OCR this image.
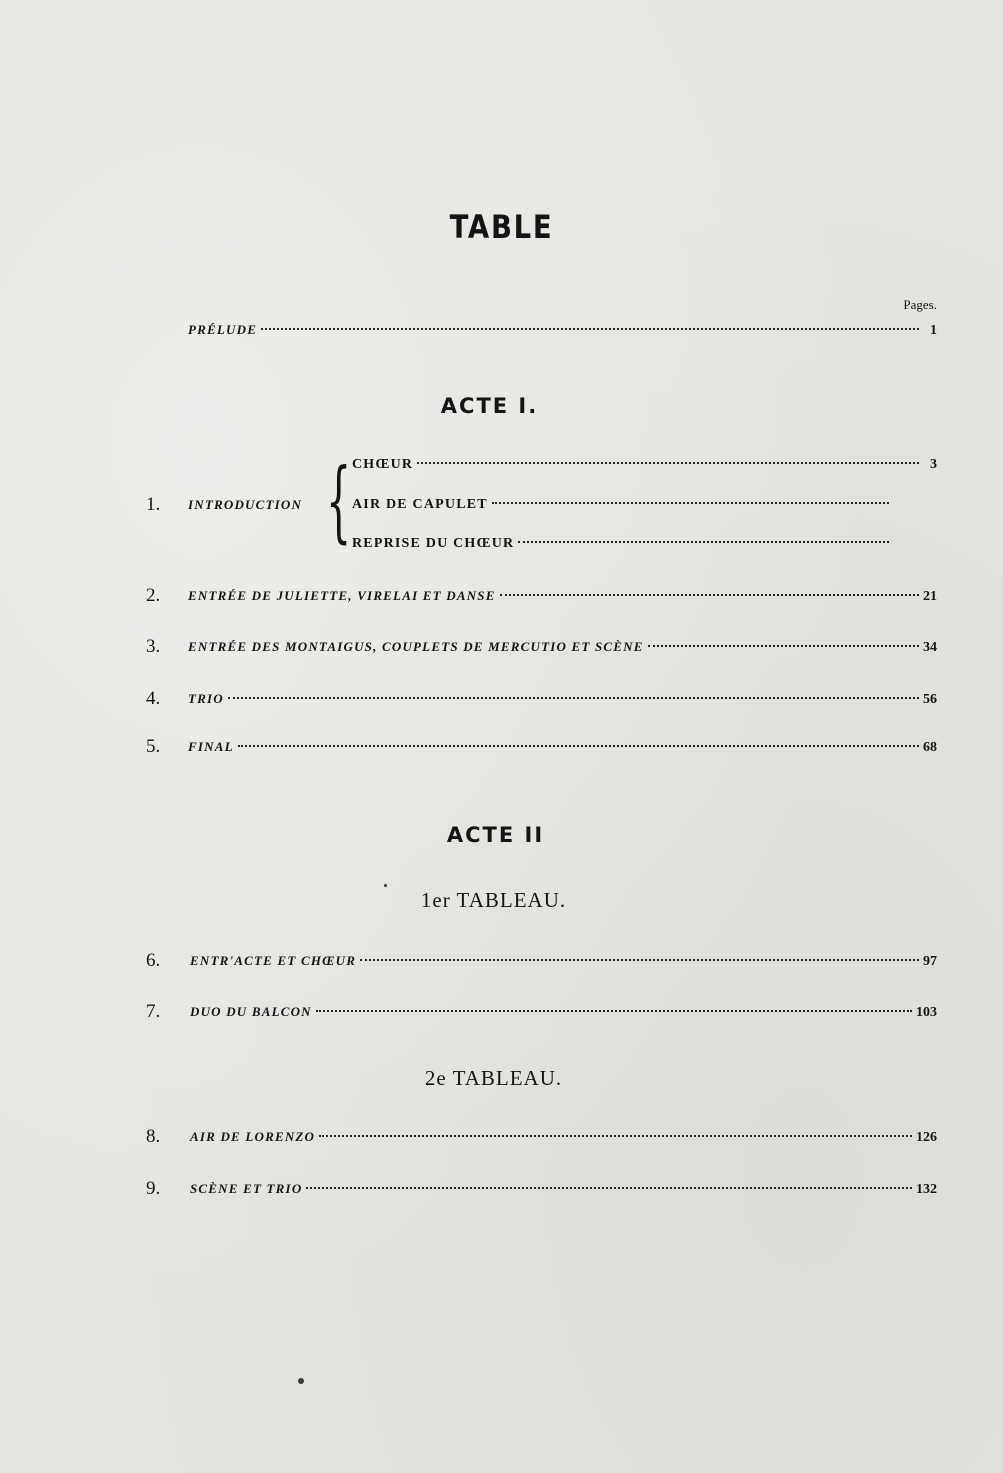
TABLE
Pages.
PRÉLUDE	1
ACTE I.
1. INTRODUCTION { CHŒUR	3
AIR DE CAPULET
REPRISE DU CHŒUR
2.	ENTRÉE DE JULIETTE, VIRELAI ET DANSE	21
3.	ENTRÉE DES MONTAIGUS, COUPLETS DE MERCUTIO ET SCÈNE	34
4.	TRIO	56
5.	FINAL	68
ACTE II
1er TABLEAU.
6.	ENTR'ACTE ET CHŒUR	97
7.	DUO DU BALCON	103
2e TABLEAU.
8.	AIR DE LORENZO	126
9.	SCÈNE ET TRIO	132
